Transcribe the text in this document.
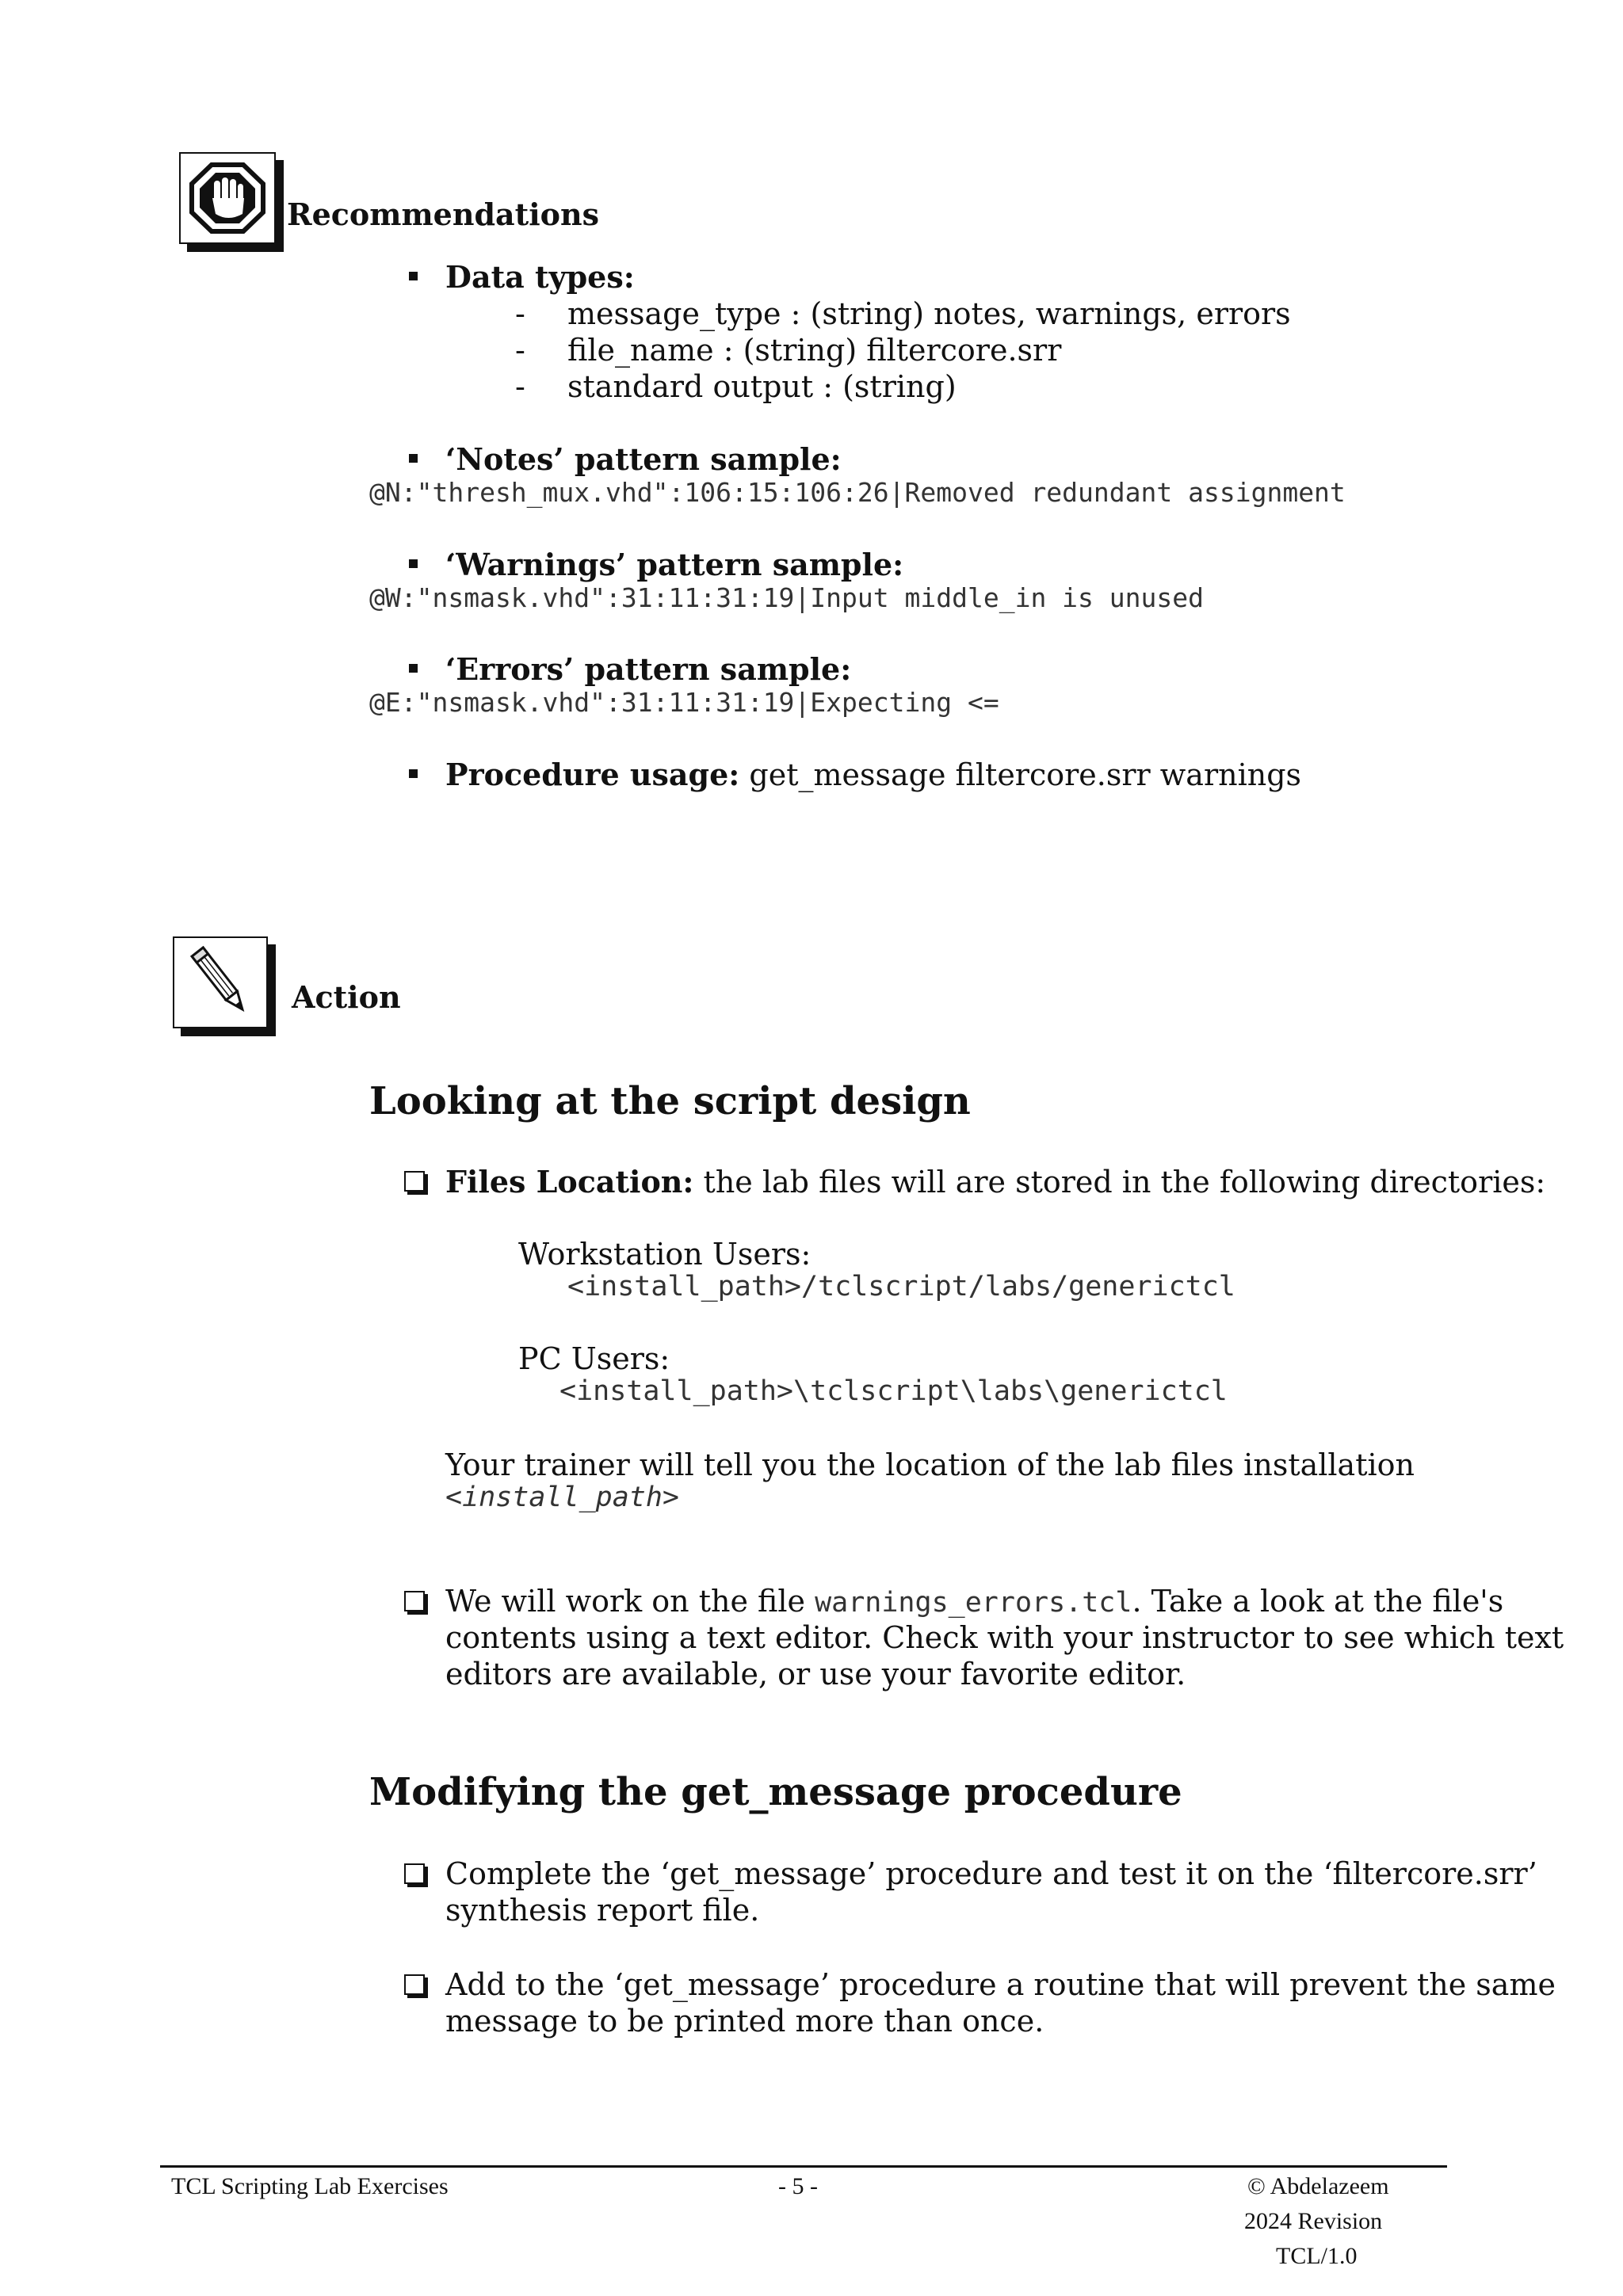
Recommendations
Data types:
- message_type : (string) notes, warnings, errors
- file_name : (string) filtercore.srr
- standard output : (string)
‘Notes’ pattern sample:
@N:"thresh_mux.vhd":106:15:106:26|Removed redundant assignment
‘Warnings’ pattern sample:
@W:"nsmask.vhd":31:11:31:19|Input middle_in is unused
‘Errors’ pattern sample:
@E:"nsmask.vhd":31:11:31:19|Expecting <=
Procedure usage: get_message filtercore.srr warnings
Action
Looking at the script design
Files Location: the lab files will are stored in the following directories:
Workstation Users:
<install_path>/tclscript/labs/generictcl
PC Users:
<install_path>\tclscript\labs\generictcl
Your trainer will tell you the location of the lab files installation
<install_path>
We will work on the file warnings_errors.tcl. Take a look at the file's
contents using a text editor. Check with your instructor to see which text
editors are available, or use your favorite editor.
Modifying the get_message procedure
Complete the ‘get_message’ procedure and test it on the ‘filtercore.srr’
synthesis report file.
Add to the ‘get_message’ procedure a routine that will prevent the same
message to be printed more than once.
TCL Scripting Lab Exercises	- 5 -	© Abdelazeem
2024 Revision
TCL/1.0
